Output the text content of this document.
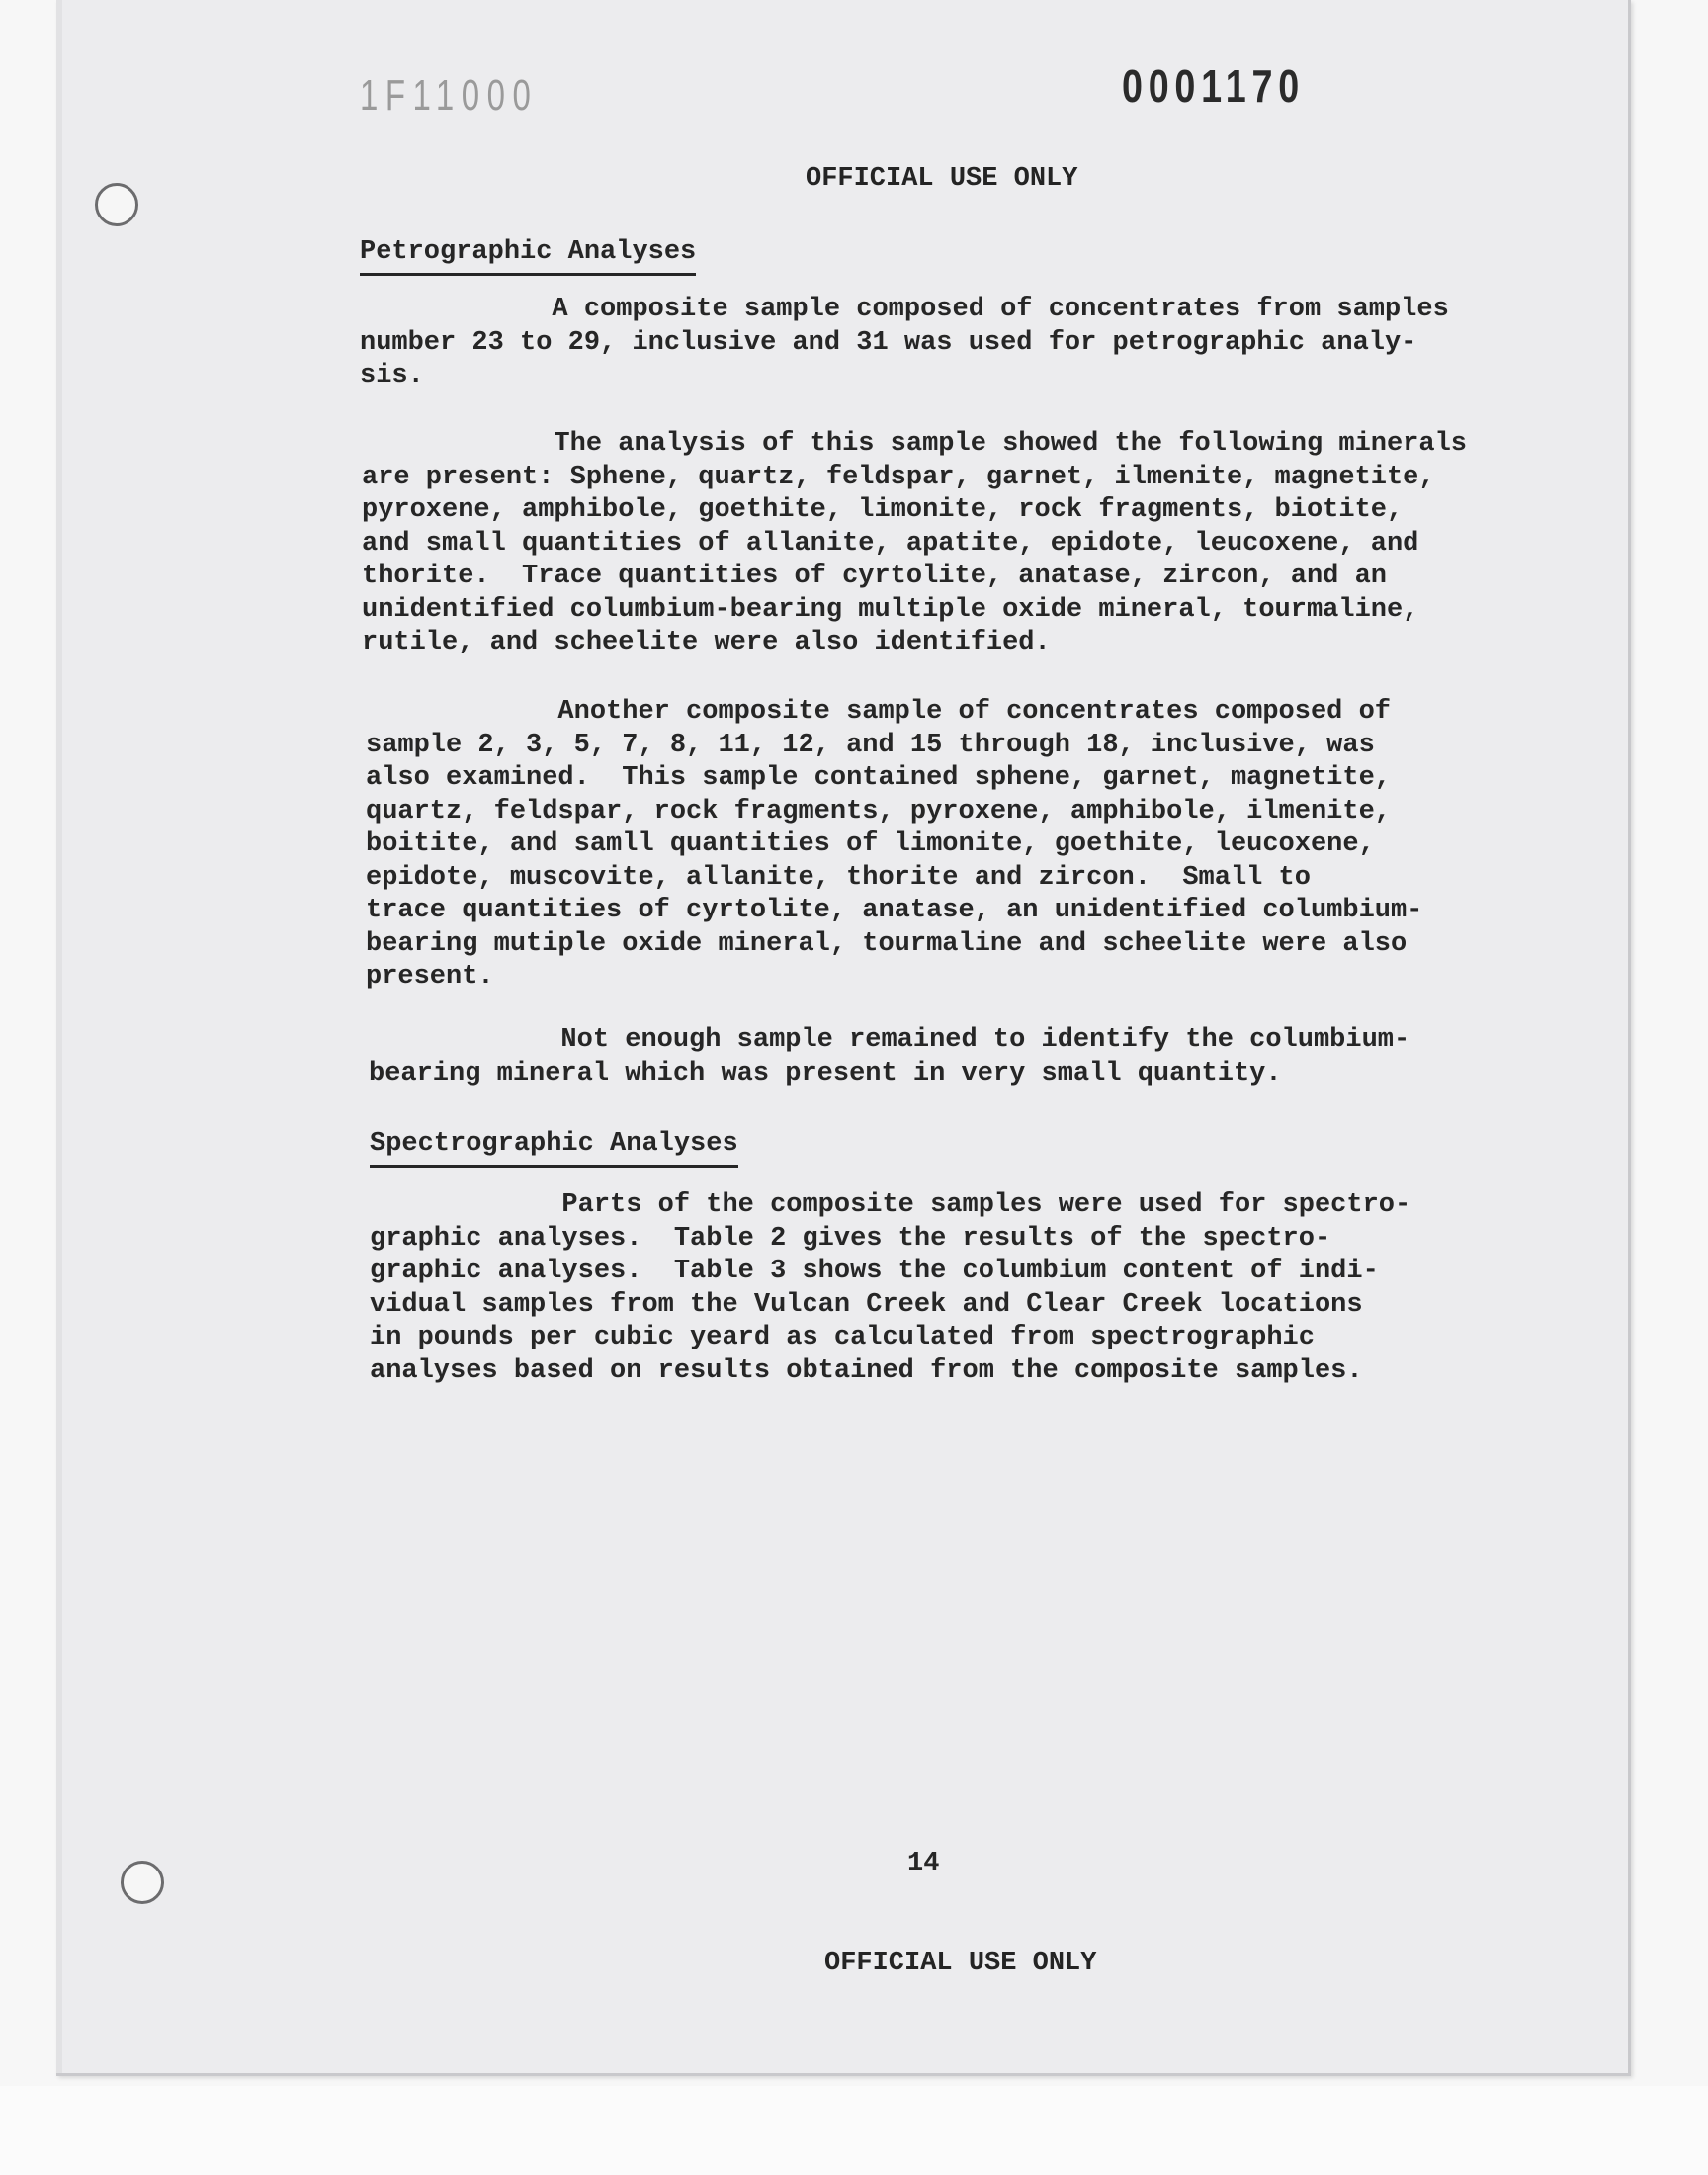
1F11000	0001170
OFFICIAL USE ONLY
Petrographic Analyses
A composite sample composed of concentrates from samples
number 23 to 29, inclusive and 31 was used for petrographic analy-
sis.
The analysis of this sample showed the following minerals
are present: Sphene, quartz, feldspar, garnet, ilmenite, magnetite,
pyroxene, amphibole, goethite, limonite, rock fragments, biotite,
and small quantities of allanite, apatite, epidote, leucoxene, and
thorite.  Trace quantities of cyrtolite, anatase, zircon, and an
unidentified columbium-bearing multiple oxide mineral, tourmaline,
rutile, and scheelite were also identified.
Another composite sample of concentrates composed of
sample 2, 3, 5, 7, 8, 11, 12, and 15 through 18, inclusive, was
also examined.  This sample contained sphene, garnet, magnetite,
quartz, feldspar, rock fragments, pyroxene, amphibole, ilmenite,
boitite, and samll quantities of limonite, goethite, leucoxene,
epidote, muscovite, allanite, thorite and zircon.  Small to
trace quantities of cyrtolite, anatase, an unidentified columbium-
bearing mutiple oxide mineral, tourmaline and scheelite were also
present.
Not enough sample remained to identify the columbium-
bearing mineral which was present in very small quantity.
Spectrographic Analyses
Parts of the composite samples were used for spectro-
graphic analyses.  Table 2 gives the results of the spectro-
graphic analyses.  Table 3 shows the columbium content of indi-
vidual samples from the Vulcan Creek and Clear Creek locations
in pounds per cubic yeard as calculated from spectrographic
analyses based on results obtained from the composite samples.
14
OFFICIAL USE ONLY
